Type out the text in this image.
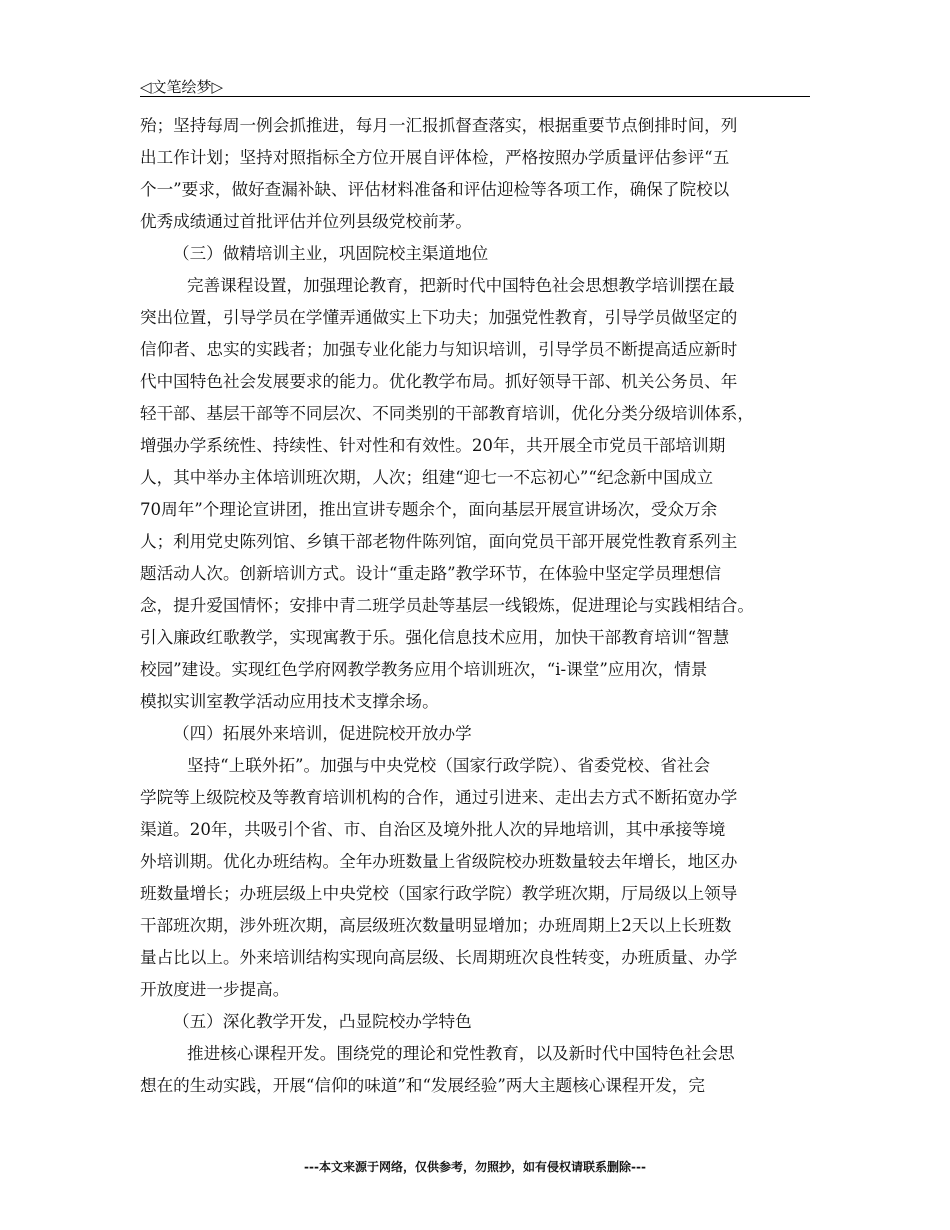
◁文笔绘梦▷
殆；坚持每周一例会抓推进，每月一汇报抓督查落实，根据重要节点倒排时间，列
出工作计划；坚持对照指标全方位开展自评体检，严格按照办学质量评估参评“五
个一”要求，做好查漏补缺、评估材料准备和评估迎检等各项工作，确保了院校以
优秀成绩通过首批评估并位列县级党校前茅。
（三）做精培训主业，巩固院校主渠道地位
完善课程设置，加强理论教育，把新时代中国特色社会思想教学培训摆在最
突出位置，引导学员在学懂弄通做实上下功夫；加强党性教育，引导学员做坚定的
信仰者、忠实的实践者；加强专业化能力与知识培训，引导学员不断提高适应新时
代中国特色社会发展要求的能力。优化教学布局。抓好领导干部、机关公务员、年
轻干部、基层干部等不同层次、不同类别的干部教育培训，优化分类分级培训体系，
增强办学系统性、持续性、针对性和有效性。20年，共开展全市党员干部培训期
人，其中举办主体培训班次期，人次；组建“迎七一不忘初心”“纪念新中国成立
70周年”个理论宣讲团，推出宣讲专题余个，面向基层开展宣讲场次，受众万余
人；利用党史陈列馆、乡镇干部老物件陈列馆，面向党员干部开展党性教育系列主
题活动人次。创新培训方式。设计“重走路”教学环节，在体验中坚定学员理想信
念，提升爱国情怀；安排中青二班学员赴等基层一线锻炼，促进理论与实践相结合。
引入廉政红歌教学，实现寓教于乐。强化信息技术应用，加快干部教育培训“智慧
校园”建设。实现红色学府网教学教务应用个培训班次，“i-课堂”应用次，情景
模拟实训室教学活动应用技术支撑余场。
（四）拓展外来培训，促进院校开放办学
坚持“上联外拓”。加强与中央党校（国家行政学院）、省委党校、省社会
学院等上级院校及等教育培训机构的合作，通过引进来、走出去方式不断拓宽办学
渠道。20年，共吸引个省、市、自治区及境外批人次的异地培训，其中承接等境
外培训期。优化办班结构。全年办班数量上省级院校办班数量较去年增长，地区办
班数量增长；办班层级上中央党校（国家行政学院）教学班次期，厅局级以上领导
干部班次期，涉外班次期，高层级班次数量明显增加；办班周期上2天以上长班数
量占比以上。外来培训结构实现向高层级、长周期班次良性转变，办班质量、办学
开放度进一步提高。
（五）深化教学开发，凸显院校办学特色
推进核心课程开发。围绕党的理论和党性教育，以及新时代中国特色社会思
想在的生动实践，开展“信仰的味道”和“发展经验”两大主题核心课程开发，完
---本文来源于网络，仅供参考，勿照抄，如有侵权请联系删除---
